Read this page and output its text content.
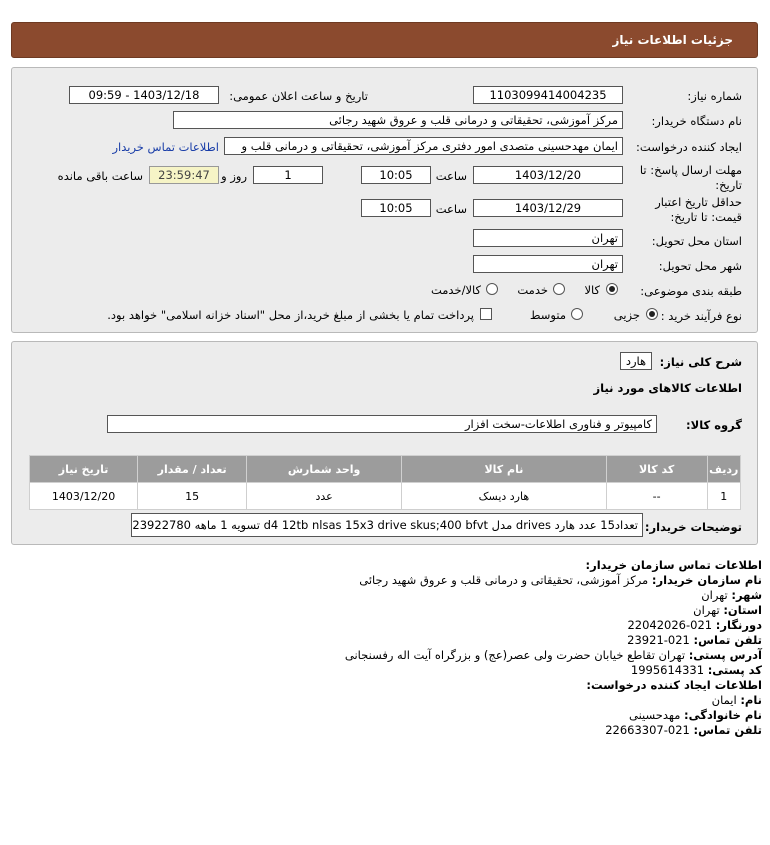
جزئیات اطلاعات نیاز
شماره نیاز:
1103099414004235
تاریخ و ساعت اعلان عمومی:
1403/12/18 - 09:59
نام دستگاه خریدار:
مرکز آموزشی، تحقیقاتی و درمانی قلب و عروق شهید رجائی
ایجاد کننده درخواست:
ایمان مهدحسینی متصدی امور دفتری مرکز آموزشی، تحقیقاتی و درمانی قلب و
اطلاعات تماس خریدار
مهلت ارسال پاسخ: تا
تاریخ:
1403/12/20
ساعت
10:05
1
روز و
23:59:47
ساعت باقی مانده
حداقل تاریخ اعتبار
قیمت: تا تاریخ:
1403/12/29
ساعت
10:05
استان محل تحویل:
تهران
شهر محل تحویل:
تهران
طبقه بندی موضوعی:
کالا
خدمت
کالا/خدمت
نوع فرآیند خرید :
جزیی
متوسط
پرداخت تمام یا بخشی از مبلغ خرید،از محل "اسناد خزانه اسلامی" خواهد بود.
شرح کلی نیاز:
هارد
اطلاعات کالاهای مورد نیاز
گروه کالا:
کامپیوتر و فناوری اطلاعات-سخت افزار
ردیف	کد کالا	نام کالا	واحد شمارش	تعداد / مقدار	تاریخ نیاز
1	--	هارد دیسک	عدد	15	1403/12/20
توضیحات خریدار:
تعداد15 عدد هارد drives مدل d4 12tb nlsas 15x3 drive skus;400 bfvt تسویه 1 ماهه 23922780
اطلاعات تماس سازمان خریدار:
نام سازمان خریدار: مرکز آموزشی، تحقیقاتی و درمانی قلب و عروق شهید رجائی
شهر: تهران
استان: تهران
دورنگار: 021-22042026
تلفن تماس: 021-23921
آدرس پستی: تهران تقاطع خیابان حضرت ولی عصر(عج) و بزرگراه آیت اله رفسنجانی
کد پستی: 1995614331
اطلاعات ایجاد کننده درخواست:
نام: ایمان
نام خانوادگی: مهدحسینی
تلفن تماس: 021-22663307
